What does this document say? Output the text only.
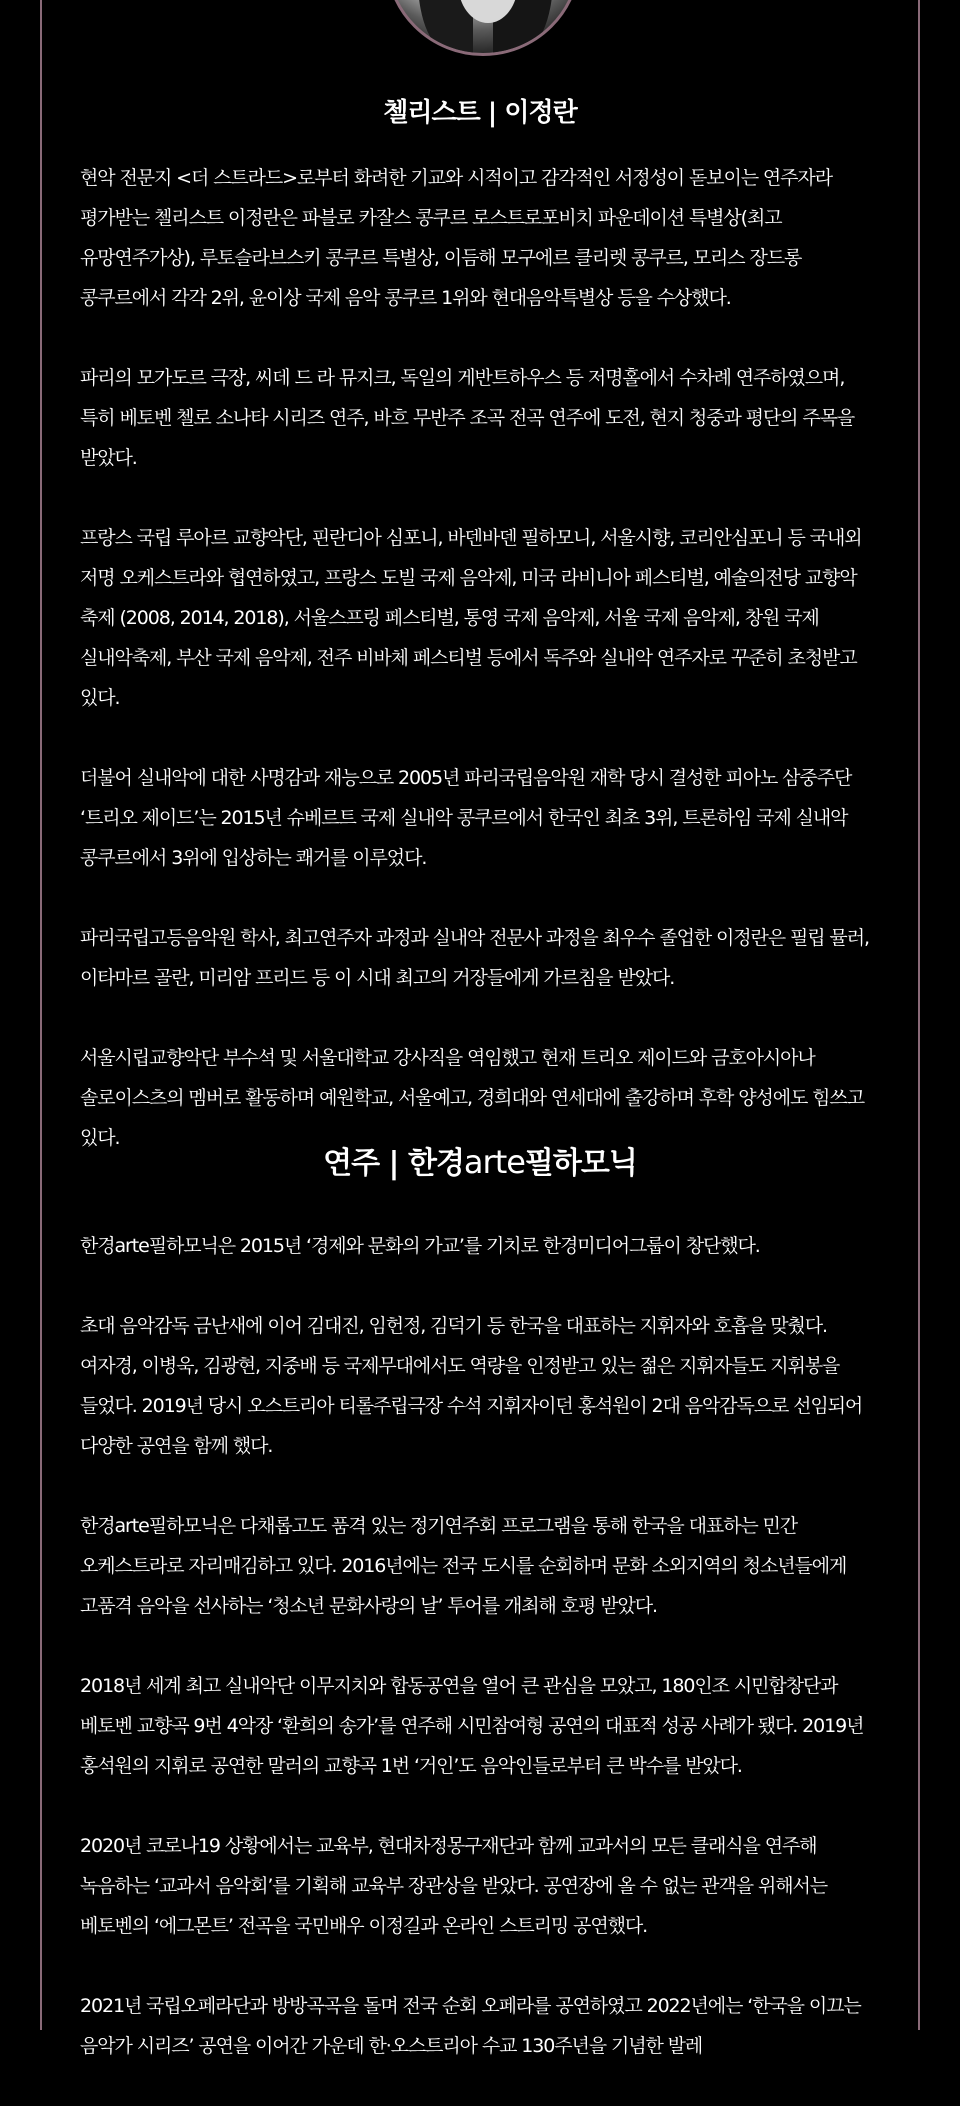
첼리스트 | 이정란

현악 전문지 <더 스트라드>로부터 화려한 기교와 시적이고 감각적인 서정성이 돋보이는 연주자라 평가받는 첼리스트 이정란은 파블로 카잘스 콩쿠르 로스트로포비치 파운데이션 특별상(최고 유망연주가상), 루토슬라브스키 콩쿠르 특별상, 이듬해 모구에르 클리렛 콩쿠르, 모리스 장드롱 콩쿠르에서 각각 2위, 윤이상 국제 음악 콩쿠르 1위와 현대음악특별상 등을 수상했다.

파리의 모가도르 극장, 씨데 드 라 뮤지크, 독일의 게반트하우스 등 저명홀에서 수차례 연주하였으며, 특히 베토벤 첼로 소나타 시리즈 연주, 바흐 무반주 조곡 전곡 연주에 도전, 현지 청중과 평단의 주목을 받았다.

프랑스 국립 루아르 교향악단, 핀란디아 심포니, 바덴바덴 필하모니, 서울시향, 코리안심포니 등 국내외 저명 오케스트라와 협연하였고, 프랑스 도빌 국제 음악제, 미국 라비니아 페스티벌, 예술의전당 교향악 축제 (2008, 2014, 2018), 서울스프링 페스티벌, 통영 국제 음악제, 서울 국제 음악제, 창원 국제 실내악축제, 부산 국제 음악제, 전주 비바체 페스티벌 등에서 독주와 실내악 연주자로 꾸준히 초청받고 있다.

더불어 실내악에 대한 사명감과 재능으로 2005년 파리국립음악원 재학 당시 결성한 피아노 삼중주단 ‘트리오 제이드’는 2015년 슈베르트 국제 실내악 콩쿠르에서 한국인 최초 3위, 트론하임 국제 실내악 콩쿠르에서 3위에 입상하는 쾌거를 이루었다.

파리국립고등음악원 학사, 최고연주자 과정과 실내악 전문사 과정을 최우수 졸업한 이정란은 필립 뮬러, 이타마르 골란, 미리암 프리드 등 이 시대 최고의 거장들에게 가르침을 받았다.

서울시립교향악단 부수석 및 서울대학교 강사직을 역임했고 현재 트리오 제이드와 금호아시아나 솔로이스츠의 멤버로 활동하며 예원학교, 서울예고, 경희대와 연세대에 출강하며 후학 양성에도 힘쓰고 있다.

연주 | 한경arte필하모닉

한경arte필하모닉은 2015년 ‘경제와 문화의 가교’를 기치로 한경미디어그룹이 창단했다.

초대 음악감독 금난새에 이어 김대진, 임헌정, 김덕기 등 한국을 대표하는 지휘자와 호흡을 맞췄다. 여자경, 이병욱, 김광현, 지중배 등 국제무대에서도 역량을 인정받고 있는 젊은 지휘자들도 지휘봉을 들었다. 2019년 당시 오스트리아 티롤주립극장 수석 지휘자이던 홍석원이 2대 음악감독으로 선임되어 다양한 공연을 함께 했다.

한경arte필하모닉은 다채롭고도 품격 있는 정기연주회 프로그램을 통해 한국을 대표하는 민간 오케스트라로 자리매김하고 있다. 2016년에는 전국 도시를 순회하며 문화 소외지역의 청소년들에게 고품격 음악을 선사하는 ‘청소년 문화사랑의 날’ 투어를 개최해 호평 받았다.

2018년 세계 최고 실내악단 이무지치와 합동공연을 열어 큰 관심을 모았고, 180인조 시민합창단과 베토벤 교향곡 9번 4악장 ‘환희의 송가’를 연주해 시민참여형 공연의 대표적 성공 사례가 됐다. 2019년 홍석원의 지휘로 공연한 말러의 교향곡 1번 ‘거인’도 음악인들로부터 큰 박수를 받았다.

2020년 코로나19 상황에서는 교육부, 현대차정몽구재단과 함께 교과서의 모든 클래식을 연주해 녹음하는 ‘교과서 음악회’를 기획해 교육부 장관상을 받았다. 공연장에 올 수 없는 관객을 위해서는 베토벤의 ‘에그몬트’ 전곡을 국민배우 이정길과 온라인 스트리밍 공연했다.

2021년 국립오페라단과 방방곡곡을 돌며 전국 순회 오페라를 공연하였고 2022년에는 ‘한국을 이끄는 음악가 시리즈’ 공연을 이어간 가운데 한·오스트리아 수교 130주년을 기념한 발레
